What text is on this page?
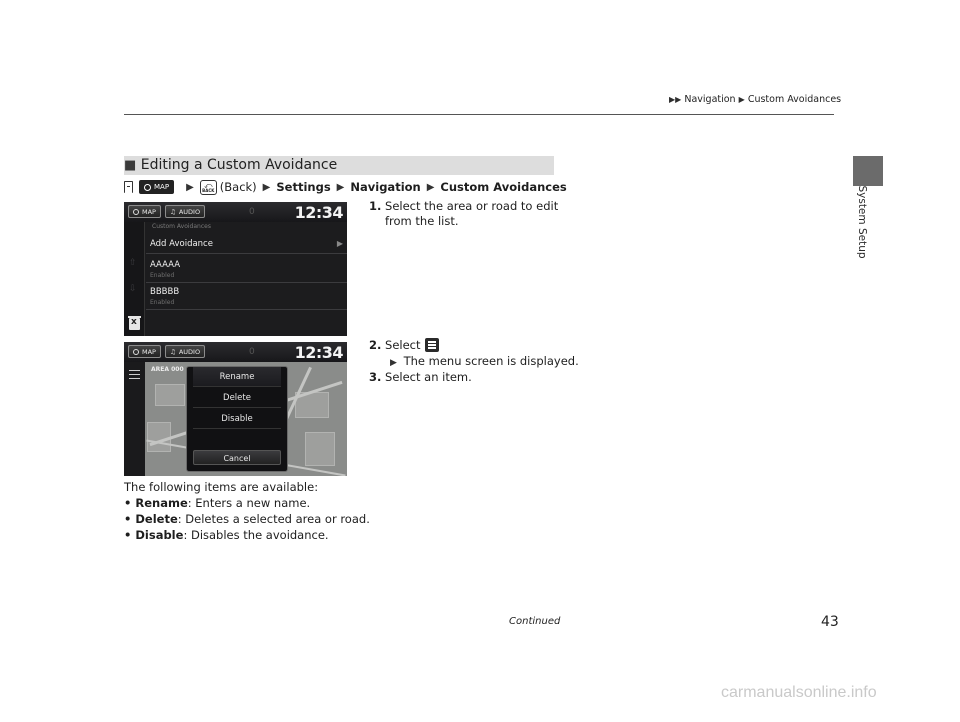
▶▶ Navigation ▶ Custom Avoidances
System Setup
■ Editing a Custom Avoidance
MAP ▶ ⤺
BACK (Back) ▶ Settings ▶ Navigation ▶ Custom Avoidances
MAP ♫ AUDIO	0 12:34
⇧
⇩
x
Custom Avoidances
Add Avoidance	▶
AAAAA
Enabled
BBBBB
Enabled
MAP ♫ AUDIO	0 12:34
AREA 000
Rename
Delete
Disable
Cancel
1. Select the area or road to edit
from the list.
2. Select
▶ The menu screen is displayed.
3. Select an item.
The following items are available:
• Rename: Enters a new name.
• Delete: Deletes a selected area or road.
• Disable: Disables the avoidance.
Continued	43
carmanualsonline.info
